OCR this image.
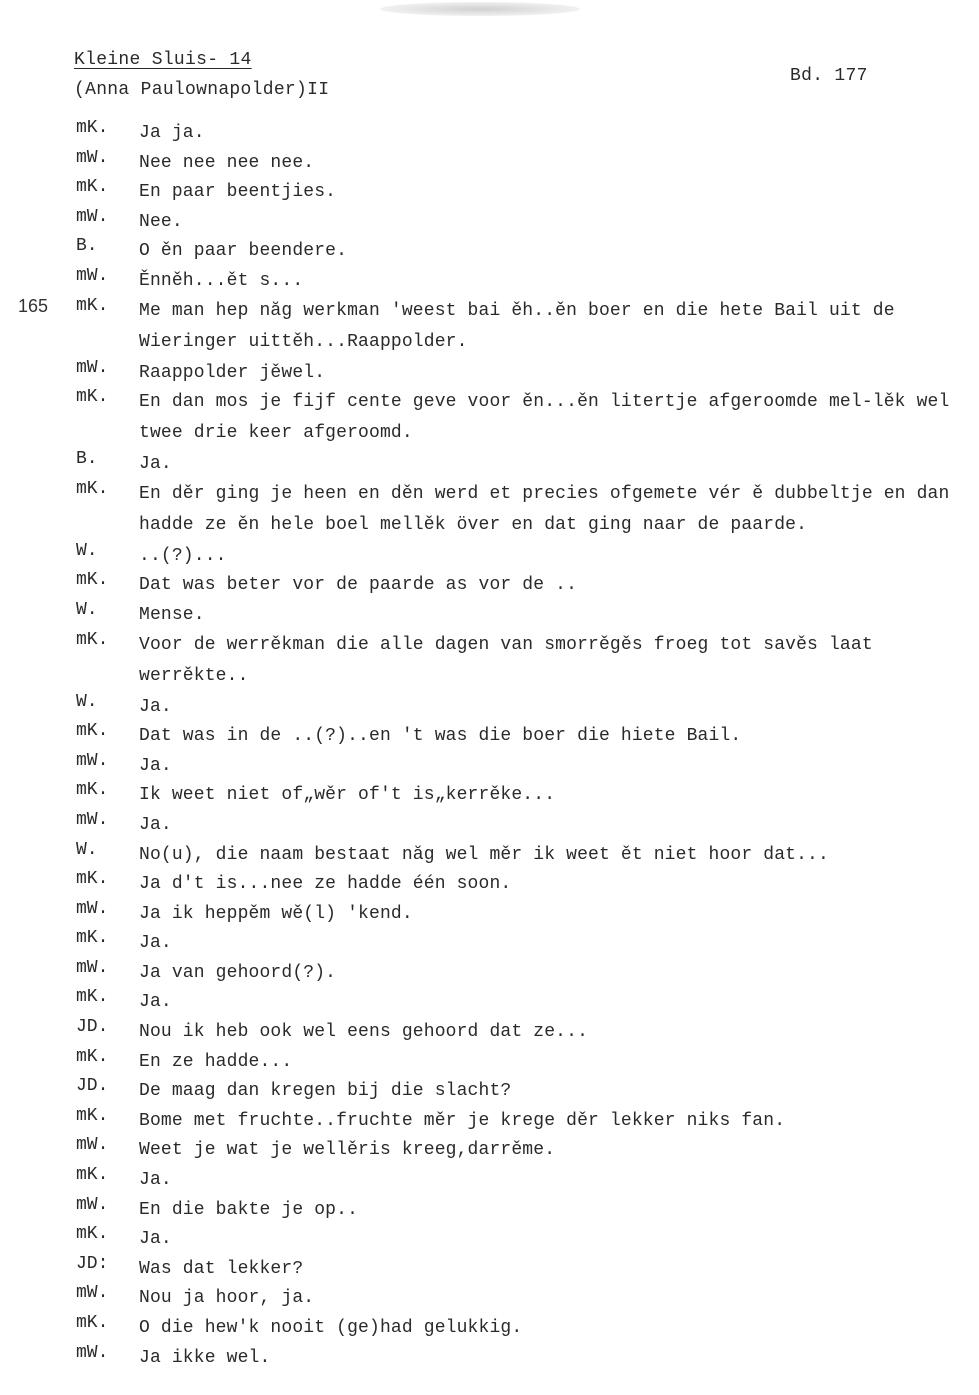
Kleine Sluis- 14
(Anna Paulownapolder)II
Bd. 177
mK.	Ja ja.
mW.	Nee nee nee nee.
mK.	En paar beentjies.
mW.	Nee.
B.	O ěn paar beendere.
mW.	Ěnněh...ět s...
165 mK.	Me man hep năg werkman 'weest bai ěh..ěn boer en die hete Bail uit de Wieringer uittěh...Raappolder.
mW.	Raappolder jěwel.
mK.	En dan mos je fijf cente geve voor ěn...ěn litertje afgeroomde mel-lěk wel twee drie keer afgeroomd.
B.	Ja.
mK.	En děr ging je heen en děn werd et precies ofgemete vér ě dubbeltje en dan hadde ze ěn hele boel mellěk över en dat ging naar de paarde.
W.	..(?)...
mK.	Dat was beter vor de paarde as vor de ..
W.	Mense.
mK.	Voor de werrěkman die alle dagen van smorrěgěs froeg tot savěs laat werrěkte..
W.	Ja.
mK.	Dat was in de ..(?)..en 't was die boer die hiete Bail.
mW.	Ja.
mK.	Ik weet niet of„wěr of't is„kerrěke...
mW.	Ja.
W.	No(u), die naam bestaat năg wel měr ik weet ět niet hoor dat...
mK.	Ja d't is...nee ze hadde één soon.
mW.	Ja ik heppěm wě(l) 'kend.
mK.	Ja.
mW.	Ja van gehoord(?).
mK.	Ja.
JD.	Nou ik heb ook wel eens gehoord dat ze...
mK.	En ze hadde...
JD.	De maag dan kregen bij die slacht?
mK.	Bome met fruchte..fruchte měr je krege děr lekker niks fan.
mW.	Weet je wat je wellěris kreeg,darrěme.
mK.	Ja.
mW.	En die bakte je op..
mK.	Ja.
JD:	Was dat lekker?
mW.	Nou ja hoor, ja.
mK.	O die hew'k nooit (ge)had gelukkig.
mW.	Ja ikke wel.
